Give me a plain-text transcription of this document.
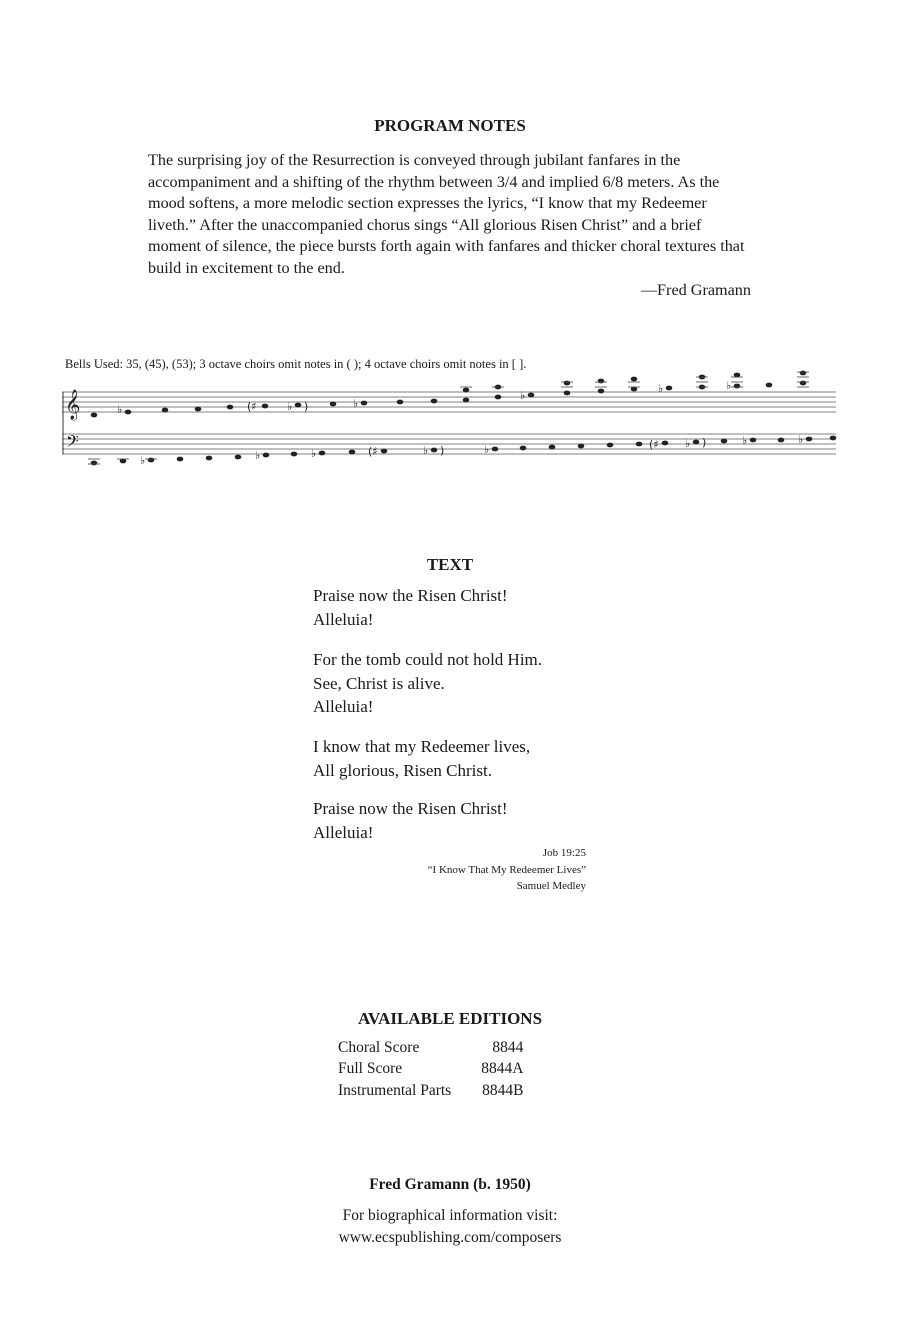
PROGRAM NOTES

The surprising joy of the Resurrection is conveyed through jubilant fanfares in the accompaniment and a shifting of the rhythm between 3/4 and implied 6/8 meters. As the mood softens, a more melodic section expresses the lyrics, “I know that my Redeemer liveth.” After the unaccompanied chorus sings “All glorious Risen Christ” and a brief moment of silence, the piece bursts forth again with fanfares and thicker choral textures that build in excitement to the end.

—Fred Gramann
Bells Used: 35, (45), (53); 3 octave choirs omit notes in ( ); 4 octave choirs omit notes in [ ].
𝄞
𝄢
♭	(♯	♭ )	♭
♭
♭	♭
♭	♭	♭	(♯	♭ )	♭	(♯ ♭ )	♭	♭
TEXT
Praise now the Risen Christ!
Alleluia!
For the tomb could not hold Him.
See, Christ is alive.
Alleluia!
I know that my Redeemer lives,
All glorious, Risen Christ.
Praise now the Risen Christ!
Alleluia!
Job 19:25
“I Know That My Redeemer Lives”
Samuel Medley
AVAILABLE EDITIONS
Choral Score	8844
Full Score	8844A
Instrumental Parts	8844B
Fred Gramann (b. 1950)
For biographical information visit:
www.ecspublishing.com/composers
